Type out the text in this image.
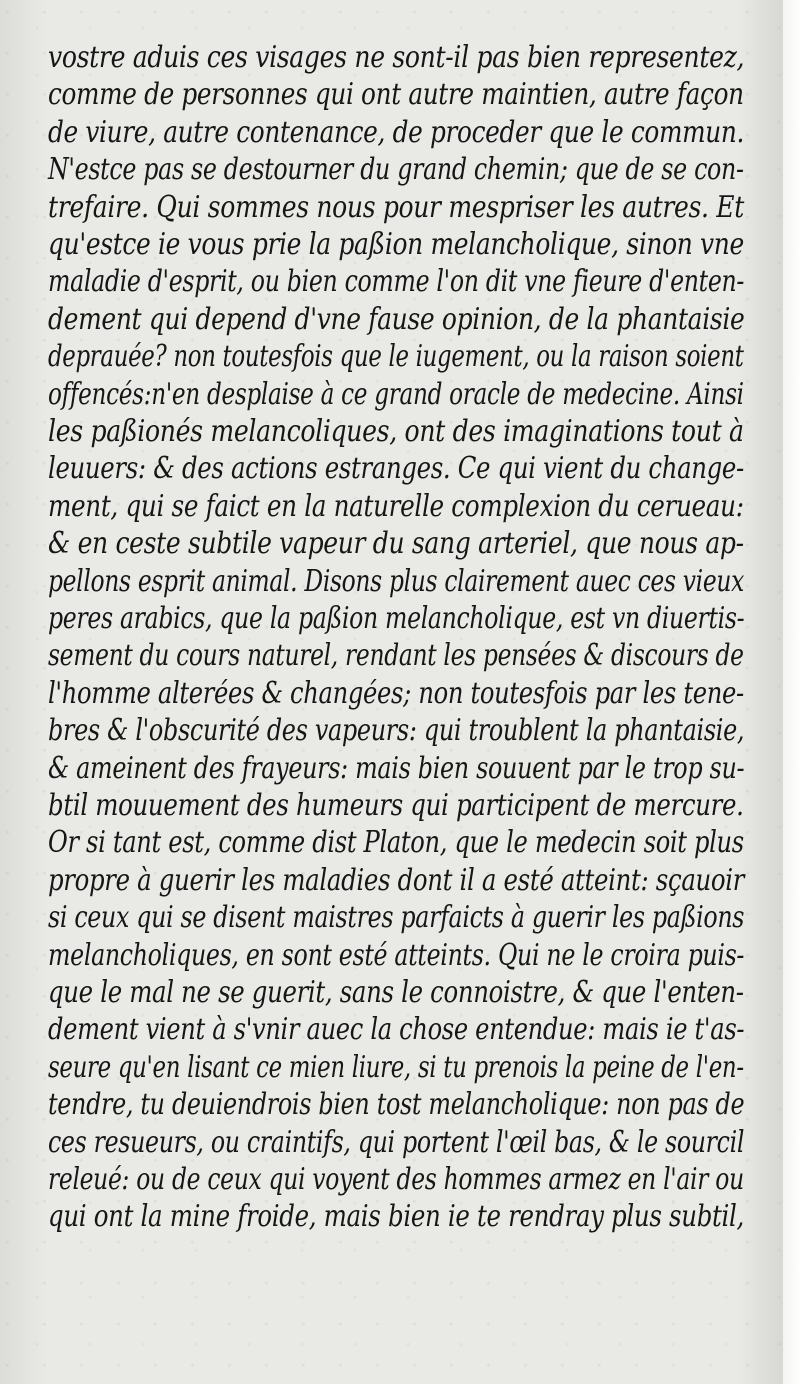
vostre aduis ces visages ne sont-il pas bien representez,
comme de personnes qui ont autre maintien, autre façon
de viure, autre contenance, de proceder que le commun.
N'estce pas se destourner du grand chemin; que de se con-
trefaire. Qui sommes nous pour mespriser les autres. Et
qu'estce ie vous prie la paßion melancholique, sinon vne
maladie d'esprit, ou bien comme l'on dit vne fieure d'enten-
dement qui depend d'vne fause opinion, de la phantaisie
deprauée? non toutesfois que le iugement, ou la raison soient
offencés:n'en desplaise à ce grand oracle de medecine. Ainsi
les paßionés melancoliques, ont des imaginations tout à
leuuers: & des actions estranges. Ce qui vient du change-
ment, qui se faict en la naturelle complexion du cerueau:
& en ceste subtile vapeur du sang arteriel, que nous ap-
pellons esprit animal. Disons plus clairement auec ces vieux
peres arabics, que la paßion melancholique, est vn diuertis-
sement du cours naturel, rendant les pensées & discours de
l'homme alterées & changées; non toutesfois par les tene-
bres & l'obscurité des vapeurs: qui troublent la phantaisie,
& ameinent des frayeurs: mais bien souuent par le trop su-
btil mouuement des humeurs qui participent de mercure.
Or si tant est, comme dist Platon, que le medecin soit plus
propre à guerir les maladies dont il a esté atteint: sçauoir
si ceux qui se disent maistres parfaicts à guerir les paßions
melancholiques, en sont esté atteints. Qui ne le croira puis-
que le mal ne se guerit, sans le connoistre, & que l'enten-
dement vient à s'vnir auec la chose entendue: mais ie t'as-
seure qu'en lisant ce mien liure, si tu prenois la peine de l'en-
tendre, tu deuiendrois bien tost melancholique: non pas de
ces resueurs, ou craintifs, qui portent l'œil bas, & le sourcil
releué: ou de ceux qui voyent des hommes armez en l'air ou
qui ont la mine froide, mais bien ie te rendray plus subtil,
